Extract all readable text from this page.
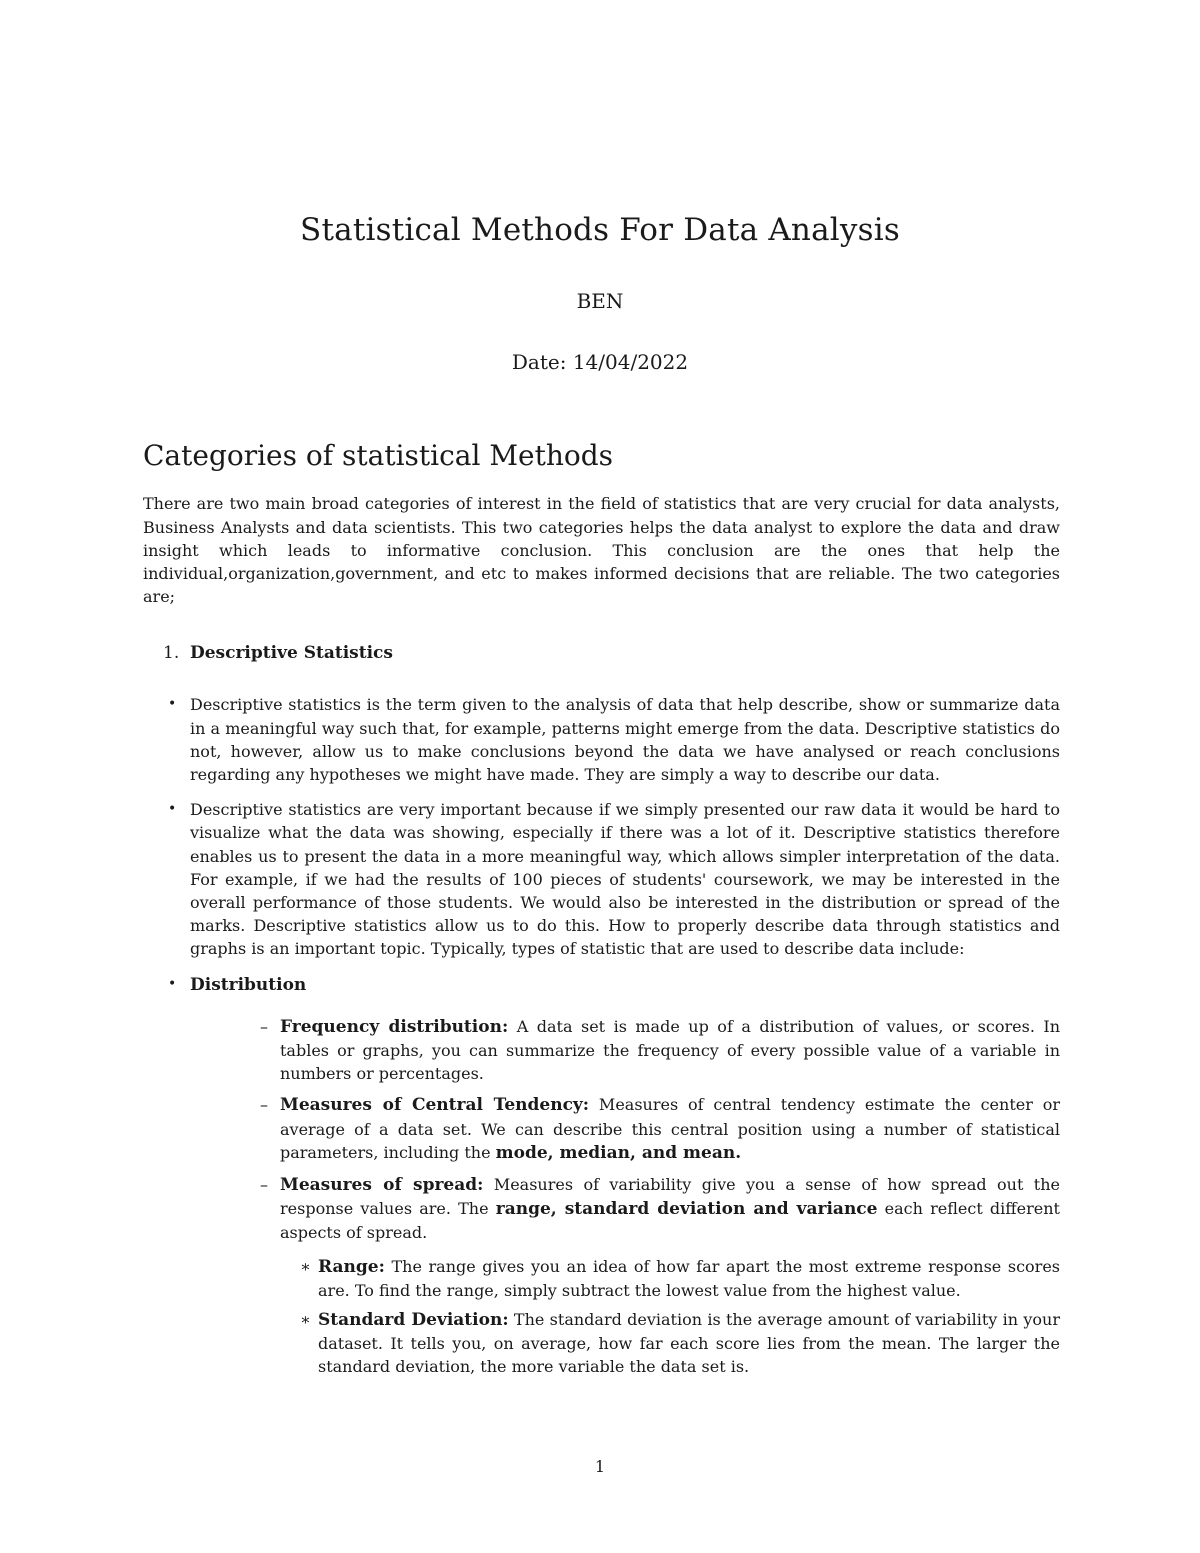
Statistical Methods For Data Analysis
BEN
Date: 14/04/2022
Categories of statistical Methods

There are two main broad categories of interest in the field of statistics that are very crucial for data analysts, Business Analysts and data scientists. This two categories helps the data analyst to explore the data and draw insight which leads to informative conclusion. This conclusion are the ones that help the individual,organization,government, and etc to makes informed decisions that are reliable. The two categories are;

1. Descriptive Statistics
• Descriptive statistics is the term given to the analysis of data that help describe, show or summarize data in a meaningful way such that, for example, patterns might emerge from the data. Descriptive statistics do not, however, allow us to make conclusions beyond the data we have analysed or reach conclusions regarding any hypotheses we might have made. They are simply a way to describe our data.
• Descriptive statistics are very important because if we simply presented our raw data it would be hard to visualize what the data was showing, especially if there was a lot of it. Descriptive statistics therefore enables us to present the data in a more meaningful way, which allows simpler interpretation of the data. For example, if we had the results of 100 pieces of students' coursework, we may be interested in the overall performance of those students. We would also be interested in the distribution or spread of the marks. Descriptive statistics allow us to do this. How to properly describe data through statistics and graphs is an important topic. Typically, types of statistic that are used to describe data include:
• Distribution
– Frequency distribution: A data set is made up of a distribution of values, or scores. In tables or graphs, you can summarize the frequency of every possible value of a variable in numbers or percentages.
– Measures of Central Tendency: Measures of central tendency estimate the center or average of a data set. We can describe this central position using a number of statistical parameters, including the mode, median, and mean.
– Measures of spread: Measures of variability give you a sense of how spread out the response values are. The range, standard deviation and variance each reflect different aspects of spread.
∗ Range: The range gives you an idea of how far apart the most extreme response scores are. To find the range, simply subtract the lowest value from the highest value.
∗ Standard Deviation: The standard deviation is the average amount of variability in your dataset. It tells you, on average, how far each score lies from the mean. The larger the standard deviation, the more variable the data set is.
1
